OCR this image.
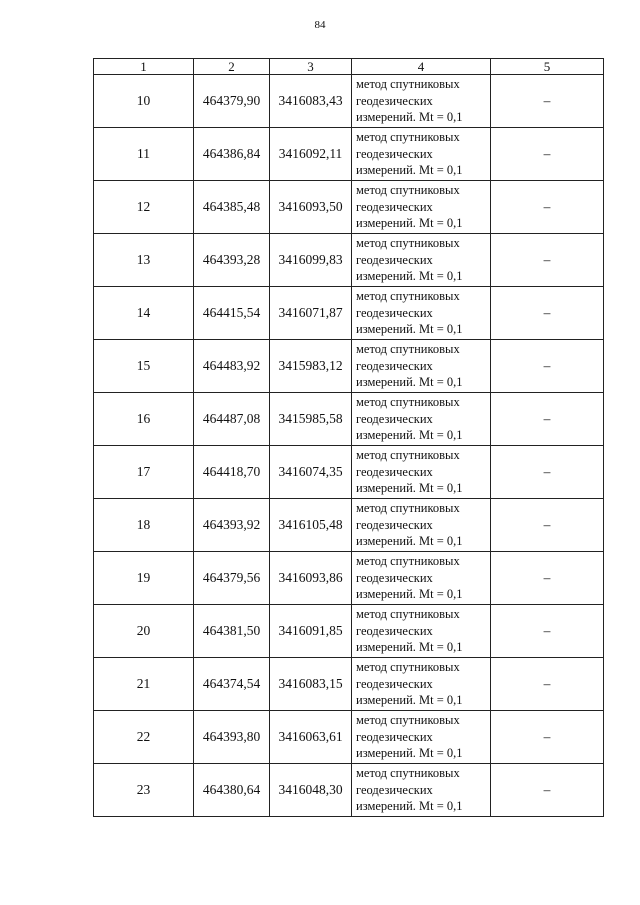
84
1	2	3	4	5
10	464379,90	3416083,43	метод спутниковых
геодезических
измерений. Mt = 0,1	–
11	464386,84	3416092,11	метод спутниковых
геодезических
измерений. Mt = 0,1	–
12	464385,48	3416093,50	метод спутниковых
геодезических
измерений. Mt = 0,1	–
13	464393,28	3416099,83	метод спутниковых
геодезических
измерений. Mt = 0,1	–
14	464415,54	3416071,87	метод спутниковых
геодезических
измерений. Mt = 0,1	–
15	464483,92	3415983,12	метод спутниковых
геодезических
измерений. Mt = 0,1	–
16	464487,08	3415985,58	метод спутниковых
геодезических
измерений. Mt = 0,1	–
17	464418,70	3416074,35	метод спутниковых
геодезических
измерений. Mt = 0,1	–
18	464393,92	3416105,48	метод спутниковых
геодезических
измерений. Mt = 0,1	–
19	464379,56	3416093,86	метод спутниковых
геодезических
измерений. Mt = 0,1	–
20	464381,50	3416091,85	метод спутниковых
геодезических
измерений. Mt = 0,1	–
21	464374,54	3416083,15	метод спутниковых
геодезических
измерений. Mt = 0,1	–
22	464393,80	3416063,61	метод спутниковых
геодезических
измерений. Mt = 0,1	–
23	464380,64	3416048,30	метод спутниковых
геодезических
измерений. Mt = 0,1	–
